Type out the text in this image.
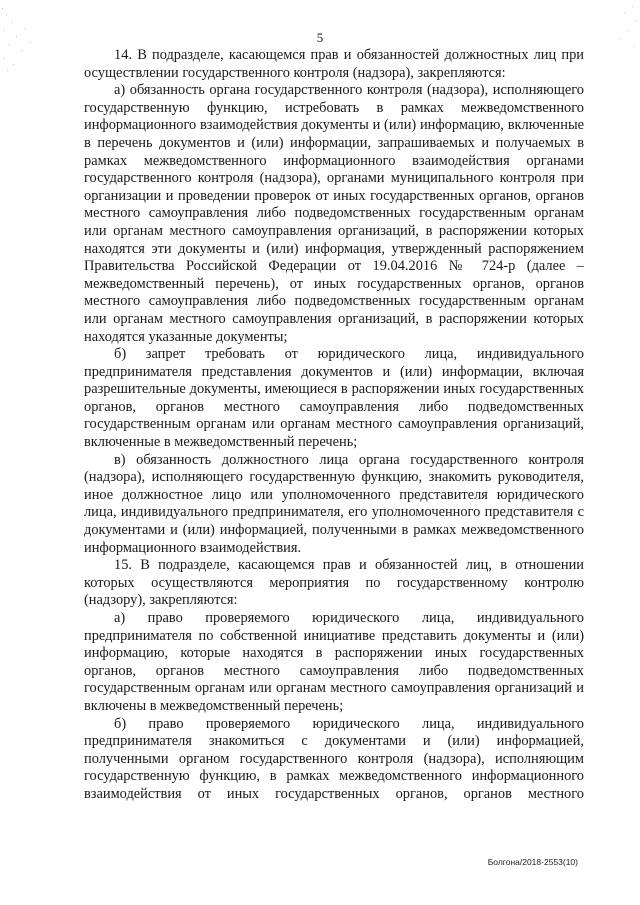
5

14. В подразделе, касающемся прав и обязанностей должностных лиц при осуществлении государственного контроля (надзора), закрепляются:

а) обязанность органа государственного контроля (надзора), исполняющего государственную функцию, истребовать в рамках межведомственного информационного взаимодействия документы и (или) информацию, включенные в перечень документов и (или) информации, запрашиваемых и получаемых в рамках межведомственного информационного взаимодействия органами государственного контроля (надзора), органами муниципального контроля при организации и проведении проверок от иных государственных органов, органов местного самоуправления либо подведомственных государственным органам или органам местного самоуправления организаций, в распоряжении которых находятся эти документы и (или) информация, утвержденный распоряжением Правительства Российской Федерации от 19.04.2016 № 724-р (далее – межведомственный перечень), от иных государственных органов, органов местного самоуправления либо подведомственных государственным органам или органам местного самоуправления организаций, в распоряжении которых находятся указанные документы;

б) запрет требовать от юридического лица, индивидуального предпринимателя представления документов и (или) информации, включая разрешительные документы, имеющиеся в распоряжении иных государственных органов, органов местного самоуправления либо подведомственных государственным органам или органам местного самоуправления организаций, включенные в межведомственный перечень;

в) обязанность должностного лица органа государственного контроля (надзора), исполняющего государственную функцию, знакомить руководителя, иное должностное лицо или уполномоченного представителя юридического лица, индивидуального предпринимателя, его уполномоченного представителя с документами и (или) информацией, полученными в рамках межведомственного информационного взаимодействия.

15. В подразделе, касающемся прав и обязанностей лиц, в отношении которых осуществляются мероприятия по государственному контролю (надзору), закрепляются:

а) право проверяемого юридического лица, индивидуального предпринимателя по собственной инициативе представить документы и (или) информацию, которые находятся в распоряжении иных государственных органов, органов местного самоуправления либо подведомственных государственным органам или органам местного самоуправления организаций и включены в межведомственный перечень;

б) право проверяемого юридического лица, индивидуального предпринимателя знакомиться с документами и (или) информацией, полученными органом государственного контроля (надзора), исполняющим государственную функцию, в рамках межведомственного информационного взаимодействия от иных государственных органов, органов местного

Болгона/2018-2553(10)
